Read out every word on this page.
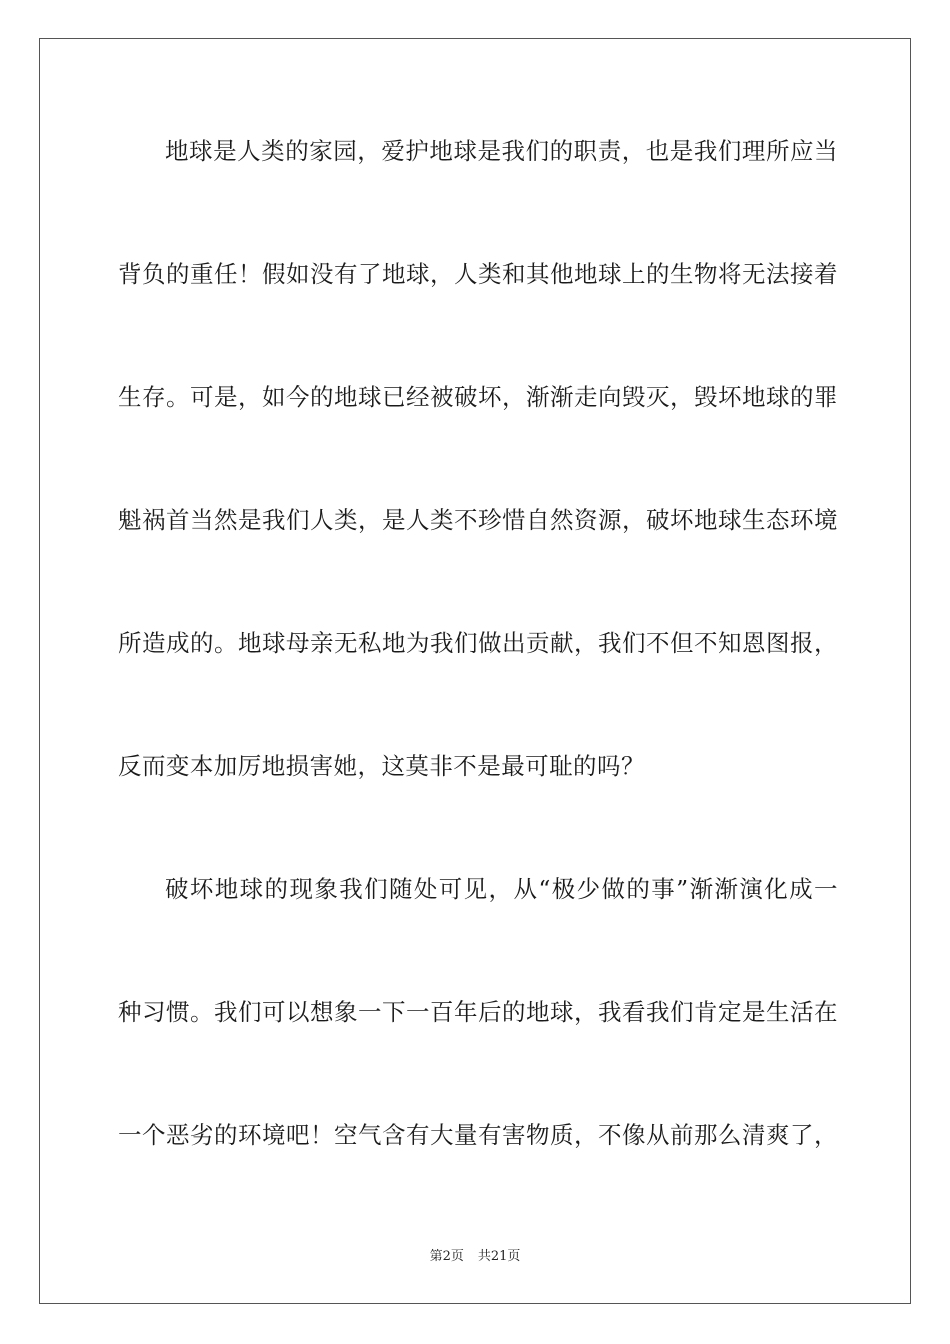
地球是人类的家园，爱护地球是我们的职责，也是我们理所应当
背负的重任！假如没有了地球，人类和其他地球上的生物将无法接着
生存。可是，如今的地球已经被破坏，渐渐走向毁灭，毁坏地球的罪
魁祸首当然是我们人类，是人类不珍惜自然资源，破坏地球生态环境
所造成的。地球母亲无私地为我们做出贡献，我们不但不知恩图报，
反而变本加厉地损害她，这莫非不是最可耻的吗？
破坏地球的现象我们随处可见，从“极少做的事”渐渐演化成一
种习惯。我们可以想象一下一百年后的地球，我看我们肯定是生活在
一个恶劣的环境吧！空气含有大量有害物质，不像从前那么清爽了，
第2页 共21页
